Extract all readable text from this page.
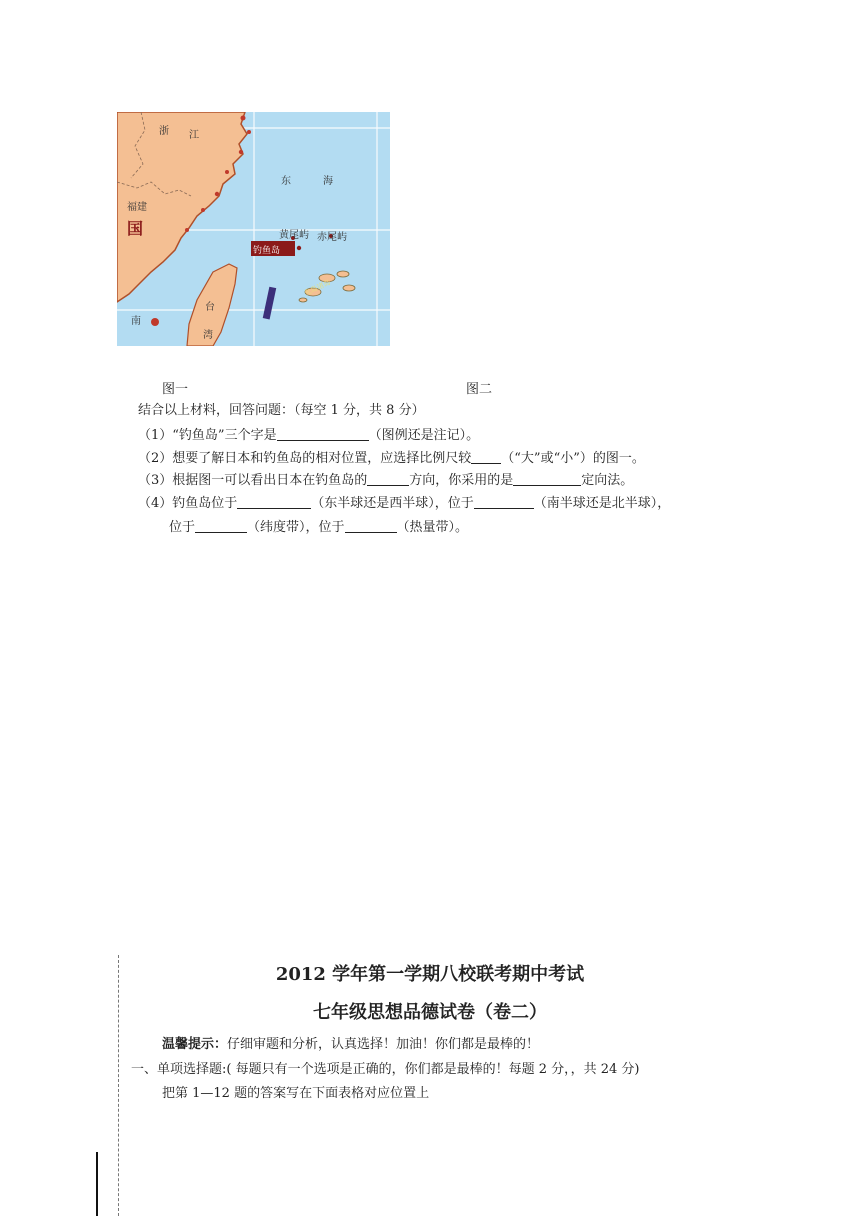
浙 江
东	海
福建
国	黄尾屿 赤尾屿
钓鱼岛
台
湾
南
先岛诸岛
图一	图二
结合以上材料，回答问题：（每空 1 分，共 8 分）
（1）“钓鱼岛”三个字是	（图例还是注记）。
（2）想要了解日本和钓鱼岛的相对位置，应选择比例尺较 （“大”或“小”）的图一。
（3）根据图一可以看出日本在钓鱼岛的	方向，你采用的是	定向法。
（4）钓鱼岛位于	（东半球还是西半球），位于	（南半球还是北半球），
位于	（纬度带），位于	（热量带）。
2012 学年第一学期八校联考期中考试
七年级思想品德试卷（卷二）
温馨提示：仔细审题和分析，认真选择！加油！你们都是最棒的！
一、单项选择题:( 每题只有一个选项是正确的，你们都是最棒的！每题 2 分，，共 24 分)
把第 1—12 题的答案写在下面表格对应位置上
